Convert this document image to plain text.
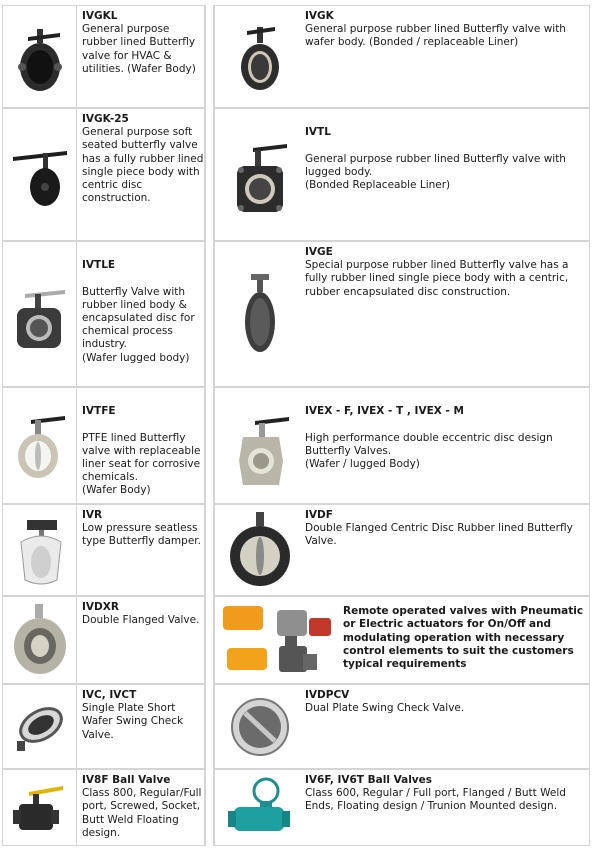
IVGKL
General purpose rubber lined Butterfly valve for HVAC & utilities. (Wafer Body)
IVGK
General purpose rubber lined Butterfly valve with wafer body. (Bonded / replaceable Liner)
IVGK-25
General purpose soft seated butterfly valve has a fully rubber lined single piece body with centric disc construction.

IVTL

General purpose rubber lined Butterfly valve with lugged body.
(Bonded Replaceable Liner)

IVTLE

Butterfly Valve with rubber lined body & encapsulated disc for chemical process industry.
(Wafer lugged body)

IVGE
Special purpose rubber lined Butterfly valve has a fully rubber lined single piece body with a centric, rubber encapsulated disc construction.

IVTFE

PTFE lined Butterfly valve with replaceable liner seat for corrosive chemicals.
(Wafer Body)

IVEX - F, IVEX - T , IVEX - M

High performance double eccentric disc design Butterfly Valves.
(Wafer / lugged Body)

IVR
Low pressure seatless type Butterfly damper.
IVDF
Double Flanged Centric Disc Rubber lined Butterfly Valve.
IVDXR
Double Flanged Valve.
Remote operated valves with Pneumatic or Electric actuators for On/Off and modulating operation with necessary control elements to suit the customers typical requirements
IVC, IVCT
Single Plate Short Wafer Swing Check Valve.
IVDPCV
Dual Plate Swing Check Valve.
IV8F Ball Valve
Class 800, Regular/Full port, Screwed, Socket, Butt Weld Floating design.
IV6F, IV6T Ball Valves
Class 600, Regular / Full port, Flanged / Butt Weld Ends, Floating design / Trunion Mounted design.
